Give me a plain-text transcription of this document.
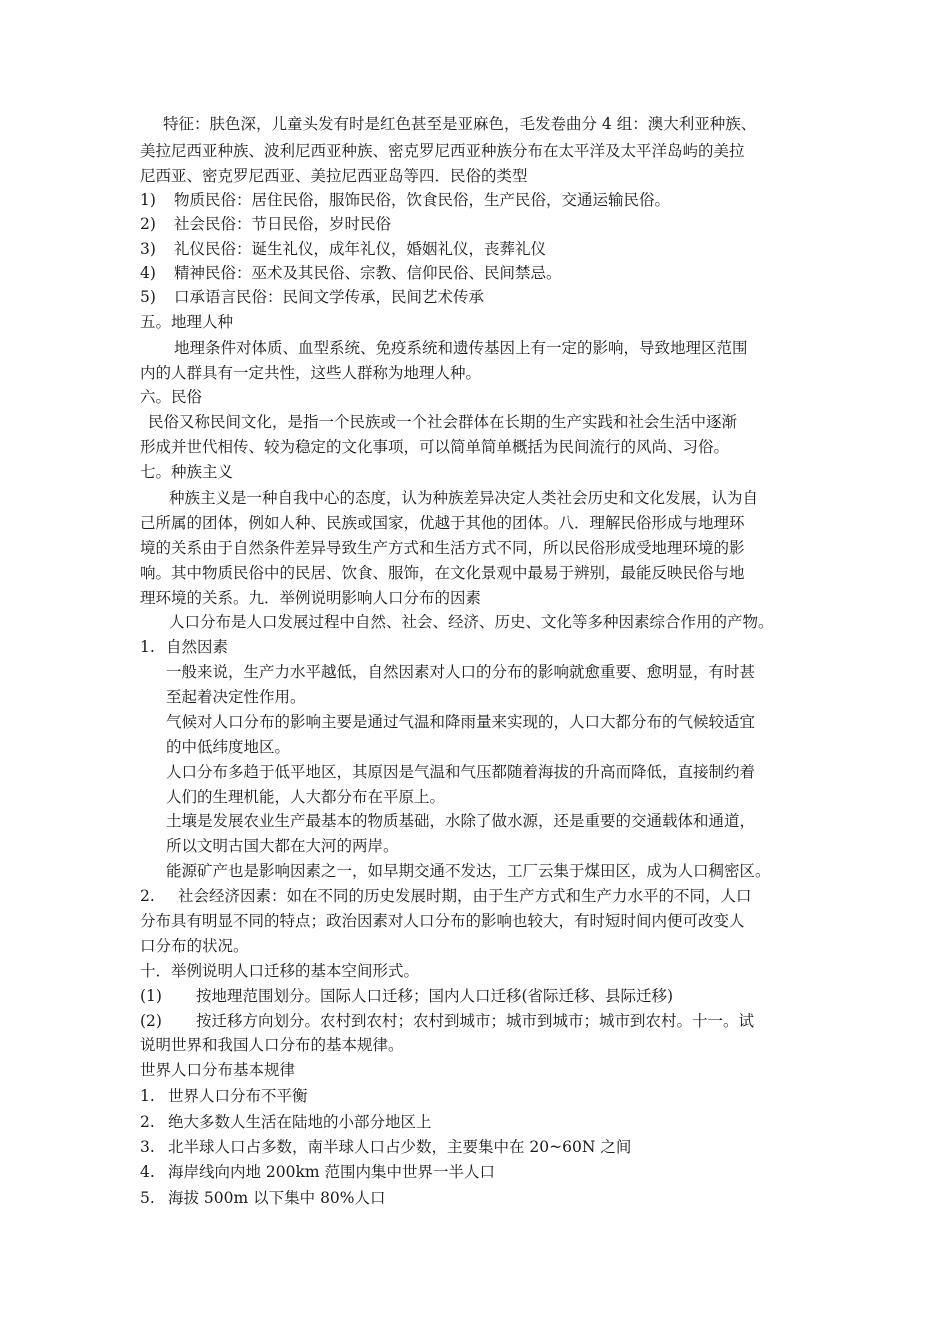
特征：肤色深，儿童头发有时是红色甚至是亚麻色，毛发卷曲分 4 组：澳大利亚种族、
美拉尼西亚种族、波利尼西亚种族、密克罗尼西亚种族分布在太平洋及太平洋岛屿的美拉
尼西亚、密克罗尼西亚、美拉尼西亚岛等四．民俗的类型
1) 物质民俗：居住民俗，服饰民俗，饮食民俗，生产民俗，交通运输民俗。
2) 社会民俗：节日民俗，岁时民俗
3) 礼仪民俗：诞生礼仪，成年礼仪，婚姻礼仪，丧葬礼仪
4) 精神民俗：巫术及其民俗、宗教、信仰民俗、民间禁忌。
5) 口承语言民俗：民间文学传承，民间艺术传承
五。地理人种
地理条件对体质、血型系统、免疫系统和遗传基因上有一定的影响，导致地理区范围
内的人群具有一定共性，这些人群称为地理人种。
六。民俗
民俗又称民间文化，是指一个民族或一个社会群体在长期的生产实践和社会生活中逐渐
形成并世代相传、较为稳定的文化事项，可以简单简单概括为民间流行的风尚、习俗。
七。种族主义
种族主义是一种自我中心的态度，认为种族差异决定人类社会历史和文化发展，认为自
己所属的团体，例如人种、民族或国家，优越于其他的团体。八．理解民俗形成与地理环
境的关系由于自然条件差异导致生产方式和生活方式不同，所以民俗形成受地理环境的影
响。其中物质民俗中的民居、饮食、服饰，在文化景观中最易于辨别，最能反映民俗与地
理环境的关系。九．举例说明影响人口分布的因素
人口分布是人口发展过程中自然、社会、经济、历史、文化等多种因素综合作用的产物。
1. 自然因素
一般来说，生产力水平越低，自然因素对人口的分布的影响就愈重要、愈明显，有时甚
至起着决定性作用。
气候对人口分布的影响主要是通过气温和降雨量来实现的，人口大都分布的气候较适宜
的中低纬度地区。
人口分布多趋于低平地区，其原因是气温和气压都随着海拔的升高而降低，直接制约着
人们的生理机能，人大都分布在平原上。
土壤是发展农业生产最基本的物质基础，水除了做水源，还是重要的交通载体和通道，
所以文明古国大都在大河的两岸。
能源矿产也是影响因素之一，如早期交通不发达，工厂云集于煤田区，成为人口稠密区。
2. 社会经济因素：如在不同的历史发展时期，由于生产方式和生产力水平的不同，人口
分布具有明显不同的特点；政治因素对人口分布的影响也较大，有时短时间内便可改变人
口分布的状况。
十．举例说明人口迁移的基本空间形式。
(1) 按地理范围划分。国际人口迁移；国内人口迁移(省际迁移、县际迁移)
(2) 按迁移方向划分。农村到农村；农村到城市；城市到城市；城市到农村。十一。试
说明世界和我国人口分布的基本规律。
世界人口分布基本规律
1. 世界人口分布不平衡
2. 绝大多数人生活在陆地的小部分地区上
3. 北半球人口占多数，南半球人口占少数，主要集中在 20~60N 之间
4. 海岸线向内地 200km 范围内集中世界一半人口
5. 海拔 500m 以下集中 80%人口
